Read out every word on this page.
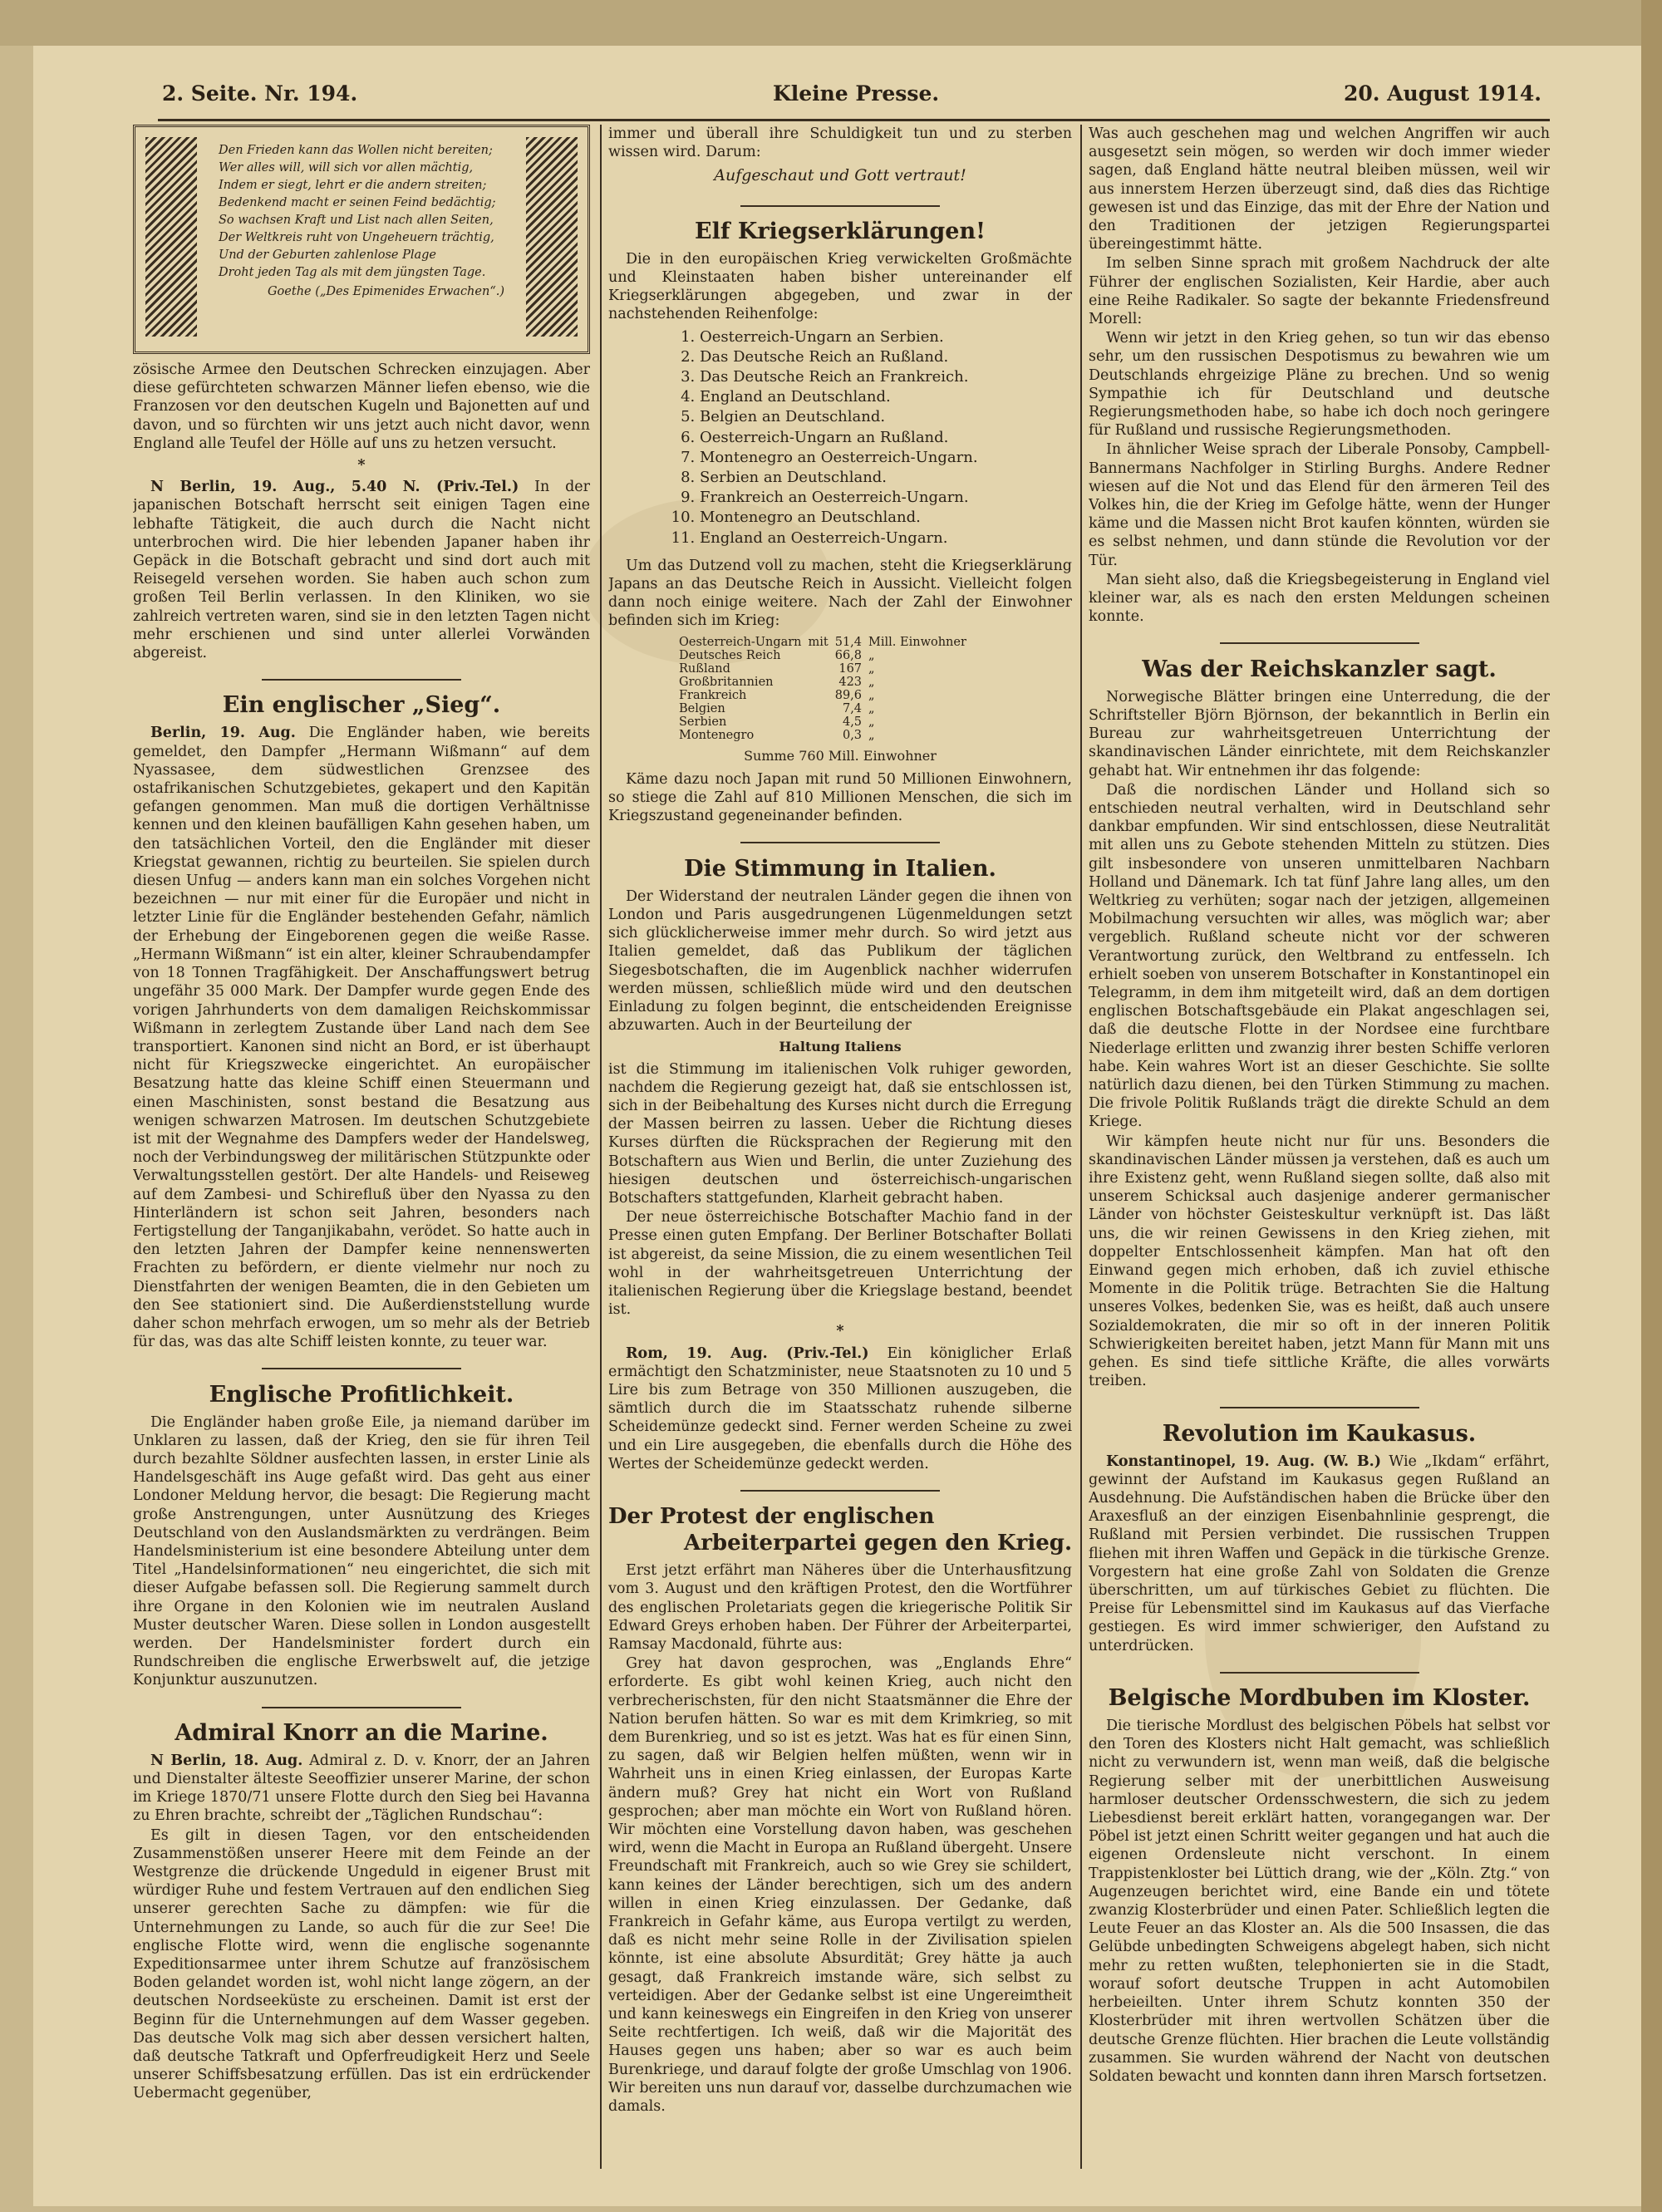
2. Seite. Nr. 194.	Kleine Presse.	20. August 1914.
Den Frieden kann das Wollen nicht bereiten;
Wer alles will, will sich vor allen mächtig,
Indem er siegt, lehrt er die andern streiten;
Bedenkend macht er seinen Feind bedächtig;
So wachsen Kraft und List nach allen Seiten,
Der Weltkreis ruht von Ungeheuern trächtig,
Und der Geburten zahlenlose Plage
Droht jeden Tag als mit dem jüngsten Tage.
Goethe („Des Epimenides Erwachen“.)

zösische Armee den Deutschen Schrecken einzujagen. Aber diese gefürchteten schwarzen Männer liefen ebenso, wie die Franzosen vor den deutschen Kugeln und Bajonetten auf und davon, und so fürchten wir uns jetzt auch nicht davor, wenn England alle Teufel der Hölle auf uns zu hetzen versucht.

*

N Berlin, 19. Aug., 5.40 N. (Priv.-Tel.) In der japanischen Botschaft herrscht seit einigen Tagen eine lebhafte Tätigkeit, die auch durch die Nacht nicht unterbrochen wird. Die hier lebenden Japaner haben ihr Gepäck in die Botschaft gebracht und sind dort auch mit Reisegeld versehen worden. Sie haben auch schon zum großen Teil Berlin verlassen. In den Kliniken, wo sie zahlreich vertreten waren, sind sie in den letzten Tagen nicht mehr erschienen und sind unter allerlei Vorwänden abgereist.

Ein englischer „Sieg“.

Berlin, 19. Aug. Die Engländer haben, wie bereits gemeldet, den Dampfer „Hermann Wißmann“ auf dem Nyassasee, dem südwestlichen Grenzsee des ostafrikanischen Schutzgebietes, gekapert und den Kapitän gefangen genommen. Man muß die dortigen Verhältnisse kennen und den kleinen baufälligen Kahn gesehen haben, um den tatsächlichen Vorteil, den die Engländer mit dieser Kriegstat gewannen, richtig zu beurteilen. Sie spielen durch diesen Unfug — anders kann man ein solches Vorgehen nicht bezeichnen — nur mit einer für die Europäer und nicht in letzter Linie für die Engländer bestehenden Gefahr, nämlich der Erhebung der Eingeborenen gegen die weiße Rasse. „Hermann Wißmann“ ist ein alter, kleiner Schraubendampfer von 18 Tonnen Tragfähigkeit. Der Anschaffungswert betrug ungefähr 35 000 Mark. Der Dampfer wurde gegen Ende des vorigen Jahrhunderts von dem damaligen Reichskommissar Wißmann in zerlegtem Zustande über Land nach dem See transportiert. Kanonen sind nicht an Bord, er ist überhaupt nicht für Kriegszwecke eingerichtet. An europäischer Besatzung hatte das kleine Schiff einen Steuermann und einen Maschinisten, sonst bestand die Besatzung aus wenigen schwarzen Matrosen. Im deutschen Schutzgebiete ist mit der Wegnahme des Dampfers weder der Handelsweg, noch der Verbindungsweg der militärischen Stützpunkte oder Verwaltungsstellen gestört. Der alte Handels- und Reiseweg auf dem Zambesi- und Schirefluß über den Nyassa zu den Hinterländern ist schon seit Jahren, besonders nach Fertigstellung der Tanganjikabahn, verödet. So hatte auch in den letzten Jahren der Dampfer keine nennenswerten Frachten zu befördern, er diente vielmehr nur noch zu Dienstfahrten der wenigen Beamten, die in den Gebieten um den See stationiert sind. Die Außerdienststellung wurde daher schon mehrfach erwogen, um so mehr als der Betrieb für das, was das alte Schiff leisten konnte, zu teuer war.

Englische Profitlichkeit.

Die Engländer haben große Eile, ja niemand darüber im Unklaren zu lassen, daß der Krieg, den sie für ihren Teil durch bezahlte Söldner ausfechten lassen, in erster Linie als Handelsgeschäft ins Auge gefaßt wird. Das geht aus einer Londoner Meldung hervor, die besagt: Die Regierung macht große Anstrengungen, unter Ausnützung des Krieges Deutschland von den Auslandsmärkten zu verdrängen. Beim Handelsministerium ist eine besondere Abteilung unter dem Titel „Handelsinformationen“ neu eingerichtet, die sich mit dieser Aufgabe befassen soll. Die Regierung sammelt durch ihre Organe in den Kolonien wie im neutralen Ausland Muster deutscher Waren. Diese sollen in London ausgestellt werden. Der Handelsminister fordert durch ein Rundschreiben die englische Erwerbswelt auf, die jetzige Konjunktur auszunutzen.

Admiral Knorr an die Marine.

N Berlin, 18. Aug. Admiral z. D. v. Knorr, der an Jahren und Dienstalter älteste Seeoffizier unserer Marine, der schon im Kriege 1870/71 unsere Flotte durch den Sieg bei Havanna zu Ehren brachte, schreibt der „Täglichen Rundschau“:

Es gilt in diesen Tagen, vor den entscheidenden Zusammenstößen unserer Heere mit dem Feinde an der Westgrenze die drückende Ungeduld in eigener Brust mit würdiger Ruhe und festem Vertrauen auf den endlichen Sieg unserer gerechten Sache zu dämpfen: wie für die Unternehmungen zu Lande, so auch für die zur See! Die englische Flotte wird, wenn die englische sogenannte Expeditionsarmee unter ihrem Schutze auf französischem Boden gelandet worden ist, wohl nicht lange zögern, an der deutschen Nordseeküste zu erscheinen. Damit ist erst der Beginn für die Unternehmungen auf dem Wasser gegeben. Das deutsche Volk mag sich aber dessen versichert halten, daß deutsche Tatkraft und Opferfreudigkeit Herz und Seele unserer Schiffsbesatzung erfüllen. Das ist ein erdrückender Uebermacht gegenüber,

immer und überall ihre Schuldigkeit tun und zu sterben wissen wird. Darum:

Aufgeschaut und Gott vertraut!
Elf Kriegserklärungen!

Die in den europäischen Krieg verwickelten Großmächte und Kleinstaaten haben bisher untereinander elf Kriegserklärungen abgegeben, und zwar in der nachstehenden Reihenfolge:

1. Oesterreich-Ungarn an Serbien.
2. Das Deutsche Reich an Rußland.
3. Das Deutsche Reich an Frankreich.
4. England an Deutschland.
5. Belgien an Deutschland.
6. Oesterreich-Ungarn an Rußland.
7. Montenegro an Oesterreich-Ungarn.
8. Serbien an Deutschland.
9. Frankreich an Oesterreich-Ungarn.
10. Montenegro an Deutschland.
11. England an Oesterreich-Ungarn.

Um das Dutzend voll zu machen, steht die Kriegserklärung Japans an das Deutsche Reich in Aussicht. Vielleicht folgen dann noch einige weitere. Nach der Zahl der Einwohner befinden sich im Krieg:

Oesterreich-Ungarn	mit	51,4	Mill. Einwohner
Deutsches Reich		66,8	„
Rußland		167	„
Großbritannien		423	„
Frankreich		89,6	„
Belgien		7,4	„
Serbien		4,5	„
Montenegro		0,3	„
Summe 760 Mill. Einwohner

Käme dazu noch Japan mit rund 50 Millionen Einwohnern, so stiege die Zahl auf 810 Millionen Menschen, die sich im Kriegszustand gegeneinander befinden.

Die Stimmung in Italien.

Der Widerstand der neutralen Länder gegen die ihnen von London und Paris ausgedrungenen Lügenmeldungen setzt sich glücklicherweise immer mehr durch. So wird jetzt aus Italien gemeldet, daß das Publikum der täglichen Siegesbotschaften, die im Augenblick nachher widerrufen werden müssen, schließlich müde wird und den deutschen Einladung zu folgen beginnt, die entscheidenden Ereignisse abzuwarten. Auch in der Beurteilung der

Haltung Italiens

ist die Stimmung im italienischen Volk ruhiger geworden, nachdem die Regierung gezeigt hat, daß sie entschlossen ist, sich in der Beibehaltung des Kurses nicht durch die Erregung der Massen beirren zu lassen. Ueber die Richtung dieses Kurses dürften die Rücksprachen der Regierung mit den Botschaftern aus Wien und Berlin, die unter Zuziehung des hiesigen deutschen und österreichisch-ungarischen Botschafters stattgefunden, Klarheit gebracht haben.

Der neue österreichische Botschafter Machio fand in der Presse einen guten Empfang. Der Berliner Botschafter Bollati ist abgereist, da seine Mission, die zu einem wesentlichen Teil wohl in der wahrheitsgetreuen Unterrichtung der italienischen Regierung über die Kriegslage bestand, beendet ist.

*

Rom, 19. Aug. (Priv.-Tel.) Ein königlicher Erlaß ermächtigt den Schatzminister, neue Staatsnoten zu 10 und 5 Lire bis zum Betrage von 350 Millionen auszugeben, die sämtlich durch die im Staatsschatz ruhende silberne Scheidemünze gedeckt sind. Ferner werden Scheine zu zwei und ein Lire ausgegeben, die ebenfalls durch die Höhe des Wertes der Scheidemünze gedeckt werden.

Der Protest der englischen
Arbeiterpartei gegen den Krieg.

Erst jetzt erfährt man Näheres über die Unterhausfitzung vom 3. August und den kräftigen Protest, den die Wortführer des englischen Proletariats gegen die kriegerische Politik Sir Edward Greys erhoben haben. Der Führer der Arbeiterpartei, Ramsay Macdonald, führte aus:

Grey hat davon gesprochen, was „Englands Ehre“ erforderte. Es gibt wohl keinen Krieg, auch nicht den verbrecherischsten, für den nicht Staatsmänner die Ehre der Nation berufen hätten. So war es mit dem Krimkrieg, so mit dem Burenkrieg, und so ist es jetzt. Was hat es für einen Sinn, zu sagen, daß wir Belgien helfen müßten, wenn wir in Wahrheit uns in einen Krieg einlassen, der Europas Karte ändern muß? Grey hat nicht ein Wort von Rußland gesprochen; aber man möchte ein Wort von Rußland hören. Wir möchten eine Vorstellung davon haben, was geschehen wird, wenn die Macht in Europa an Rußland übergeht. Unsere Freundschaft mit Frankreich, auch so wie Grey sie schildert, kann keines der Länder berechtigen, sich um des andern willen in einen Krieg einzulassen. Der Gedanke, daß Frankreich in Gefahr käme, aus Europa vertilgt zu werden, daß es nicht mehr seine Rolle in der Zivilisation spielen könnte, ist eine absolute Absurdität; Grey hätte ja auch gesagt, daß Frankreich imstande wäre, sich selbst zu verteidigen. Aber der Gedanke selbst ist eine Ungereimtheit und kann keineswegs ein Eingreifen in den Krieg von unserer Seite rechtfertigen. Ich weiß, daß wir die Majorität des Hauses gegen uns haben; aber so war es auch beim Burenkriege, und darauf folgte der große Umschlag von 1906. Wir bereiten uns nun darauf vor, dasselbe durchzumachen wie damals.

Was auch geschehen mag und welchen Angriffen wir auch ausgesetzt sein mögen, so werden wir doch immer wieder sagen, daß England hätte neutral bleiben müssen, weil wir aus innerstem Herzen überzeugt sind, daß dies das Richtige gewesen ist und das Einzige, das mit der Ehre der Nation und den Traditionen der jetzigen Regierungspartei übereingestimmt hätte.

Im selben Sinne sprach mit großem Nachdruck der alte Führer der englischen Sozialisten, Keir Hardie, aber auch eine Reihe Radikaler. So sagte der bekannte Friedensfreund Morell:

Wenn wir jetzt in den Krieg gehen, so tun wir das ebenso sehr, um den russischen Despotismus zu bewahren wie um Deutschlands ehrgeizige Pläne zu brechen. Und so wenig Sympathie ich für Deutschland und deutsche Regierungsmethoden habe, so habe ich doch noch geringere für Rußland und russische Regierungsmethoden.

In ähnlicher Weise sprach der Liberale Ponsoby, Campbell-Bannermans Nachfolger in Stirling Burghs. Andere Redner wiesen auf die Not und das Elend für den ärmeren Teil des Volkes hin, die der Krieg im Gefolge hätte, wenn der Hunger käme und die Massen nicht Brot kaufen könnten, würden sie es selbst nehmen, und dann stünde die Revolution vor der Tür.

Man sieht also, daß die Kriegsbegeisterung in England viel kleiner war, als es nach den ersten Meldungen scheinen konnte.

Was der Reichskanzler sagt.

Norwegische Blätter bringen eine Unterredung, die der Schriftsteller Björn Björnson, der bekanntlich in Berlin ein Bureau zur wahrheitsgetreuen Unterrichtung der skandinavischen Länder einrichtete, mit dem Reichskanzler gehabt hat. Wir entnehmen ihr das folgende:

Daß die nordischen Länder und Holland sich so entschieden neutral verhalten, wird in Deutschland sehr dankbar empfunden. Wir sind entschlossen, diese Neutralität mit allen uns zu Gebote stehenden Mitteln zu stützen. Dies gilt insbesondere von unseren unmittelbaren Nachbarn Holland und Dänemark. Ich tat fünf Jahre lang alles, um den Weltkrieg zu verhüten; sogar nach der jetzigen, allgemeinen Mobilmachung versuchten wir alles, was möglich war; aber vergeblich. Rußland scheute nicht vor der schweren Verantwortung zurück, den Weltbrand zu entfesseln. Ich erhielt soeben von unserem Botschafter in Konstantinopel ein Telegramm, in dem ihm mitgeteilt wird, daß an dem dortigen englischen Botschaftsgebäude ein Plakat angeschlagen sei, daß die deutsche Flotte in der Nordsee eine furchtbare Niederlage erlitten und zwanzig ihrer besten Schiffe verloren habe. Kein wahres Wort ist an dieser Geschichte. Sie sollte natürlich dazu dienen, bei den Türken Stimmung zu machen. Die frivole Politik Rußlands trägt die direkte Schuld an dem Kriege.

Wir kämpfen heute nicht nur für uns. Besonders die skandinavischen Länder müssen ja verstehen, daß es auch um ihre Existenz geht, wenn Rußland siegen sollte, daß also mit unserem Schicksal auch dasjenige anderer germanischer Länder von höchster Geisteskultur verknüpft ist. Das läßt uns, die wir reinen Gewissens in den Krieg ziehen, mit doppelter Entschlossenheit kämpfen. Man hat oft den Einwand gegen mich erhoben, daß ich zuviel ethische Momente in die Politik trüge. Betrachten Sie die Haltung unseres Volkes, bedenken Sie, was es heißt, daß auch unsere Sozialdemokraten, die mir so oft in der inneren Politik Schwierigkeiten bereitet haben, jetzt Mann für Mann mit uns gehen. Es sind tiefe sittliche Kräfte, die alles vorwärts treiben.

Revolution im Kaukasus.

Konstantinopel, 19. Aug. (W. B.) Wie „Ikdam“ erfährt, gewinnt der Aufstand im Kaukasus gegen Rußland an Ausdehnung. Die Aufständischen haben die Brücke über den Araxesfluß an der einzigen Eisenbahnlinie gesprengt, die Rußland mit Persien verbindet. Die russischen Truppen fliehen mit ihren Waffen und Gepäck in die türkische Grenze. Vorgestern hat eine große Zahl von Soldaten die Grenze überschritten, um auf türkisches Gebiet zu flüchten. Die Preise für Lebensmittel sind im Kaukasus auf das Vierfache gestiegen. Es wird immer schwieriger, den Aufstand zu unterdrücken.

Belgische Mordbuben im Kloster.

Die tierische Mordlust des belgischen Pöbels hat selbst vor den Toren des Klosters nicht Halt gemacht, was schließlich nicht zu verwundern ist, wenn man weiß, daß die belgische Regierung selber mit der unerbittlichen Ausweisung harmloser deutscher Ordensschwestern, die sich zu jedem Liebesdienst bereit erklärt hatten, vorangegangen war. Der Pöbel ist jetzt einen Schritt weiter gegangen und hat auch die eigenen Ordensleute nicht verschont. In einem Trappistenkloster bei Lüttich drang, wie der „Köln. Ztg.“ von Augenzeugen berichtet wird, eine Bande ein und tötete zwanzig Klosterbrüder und einen Pater. Schließlich legten die Leute Feuer an das Kloster an. Als die 500 Insassen, die das Gelübde unbedingten Schweigens abgelegt haben, sich nicht mehr zu retten wußten, telephonierten sie in die Stadt, worauf sofort deutsche Truppen in acht Automobilen herbeieilten. Unter ihrem Schutz konnten 350 der Klosterbrüder mit ihren wertvollen Schätzen über die deutsche Grenze flüchten. Hier brachen die Leute vollständig zusammen. Sie wurden während der Nacht von deutschen Soldaten bewacht und konnten dann ihren Marsch fortsetzen.
